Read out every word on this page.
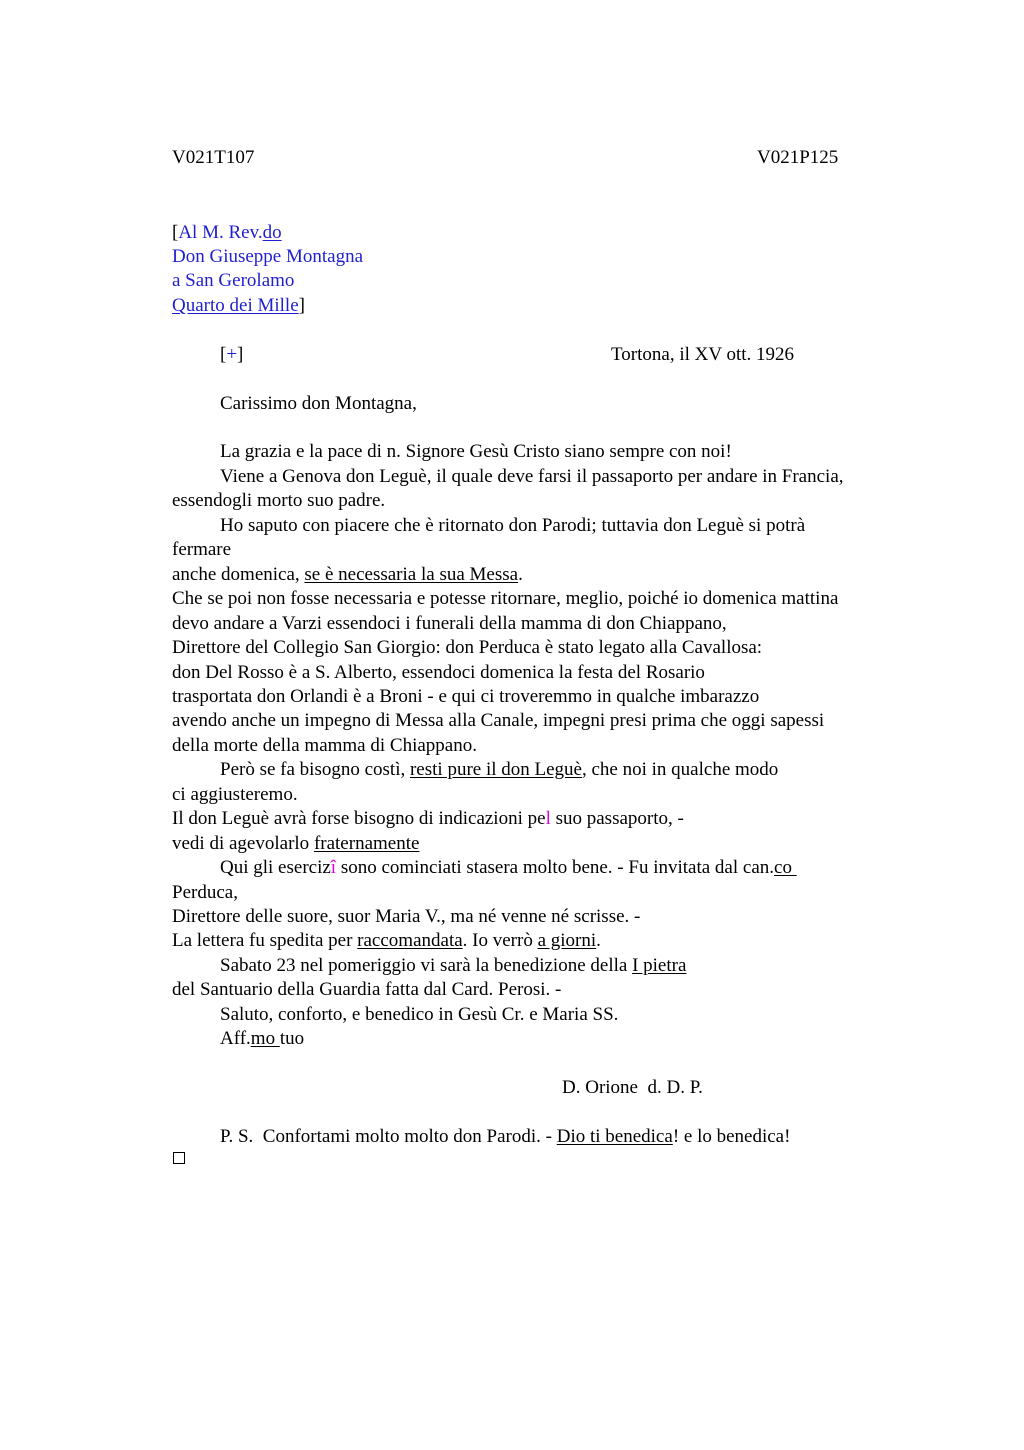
V021T107	V021P125
[Al M. Rev.do
Don Giuseppe Montagna
a San Gerolamo
Quarto dei Mille]
[+]	Tortona, il XV ott. 1926
Carissimo don Montagna,
La grazia e la pace di n. Signore Gesù Cristo siano sempre con noi!
Viene a Genova don Leguè, il quale deve farsi il passaporto per andare in Francia,
essendogli morto suo padre.
Ho saputo con piacere che è ritornato don Parodi; tuttavia don Leguè si potrà
fermare
anche domenica, se è necessaria la sua Messa.
Che se poi non fosse necessaria e potesse ritornare, meglio, poiché io domenica mattina
devo andare a Varzi essendoci i funerali della mamma di don Chiappano,
Direttore del Collegio San Giorgio: don Perduca è stato legato alla Cavallosa:
don Del Rosso è a S. Alberto, essendoci domenica la festa del Rosario
trasportata don Orlandi è a Broni - e qui ci troveremmo in qualche imbarazzo
avendo anche un impegno di Messa alla Canale, impegni presi prima che oggi sapessi
della morte della mamma di Chiappano.
Però se fa bisogno costì, resti pure il don Leguè, che noi in qualche modo
ci aggiusteremo.
Il don Leguè avrà forse bisogno di indicazioni pel suo passaporto, -
vedi di agevolarlo fraternamente
Qui gli esercizî sono cominciati stasera molto bene. - Fu invitata dal can.co
Perduca,
Direttore delle suore, suor Maria V., ma né venne né scrisse. -
La lettera fu spedita per raccomandata. Io verrò a giorni.
Sabato 23 nel pomeriggio vi sarà la benedizione della I pietra
del Santuario della Guardia fatta dal Card. Perosi. -
Saluto, conforto, e benedico in Gesù Cr. e Maria SS.
Aff.mo tuo
D. Orione  d. D. P.
P. S.  Confortami molto molto don Parodi. - Dio ti benedica! e lo benedica!
